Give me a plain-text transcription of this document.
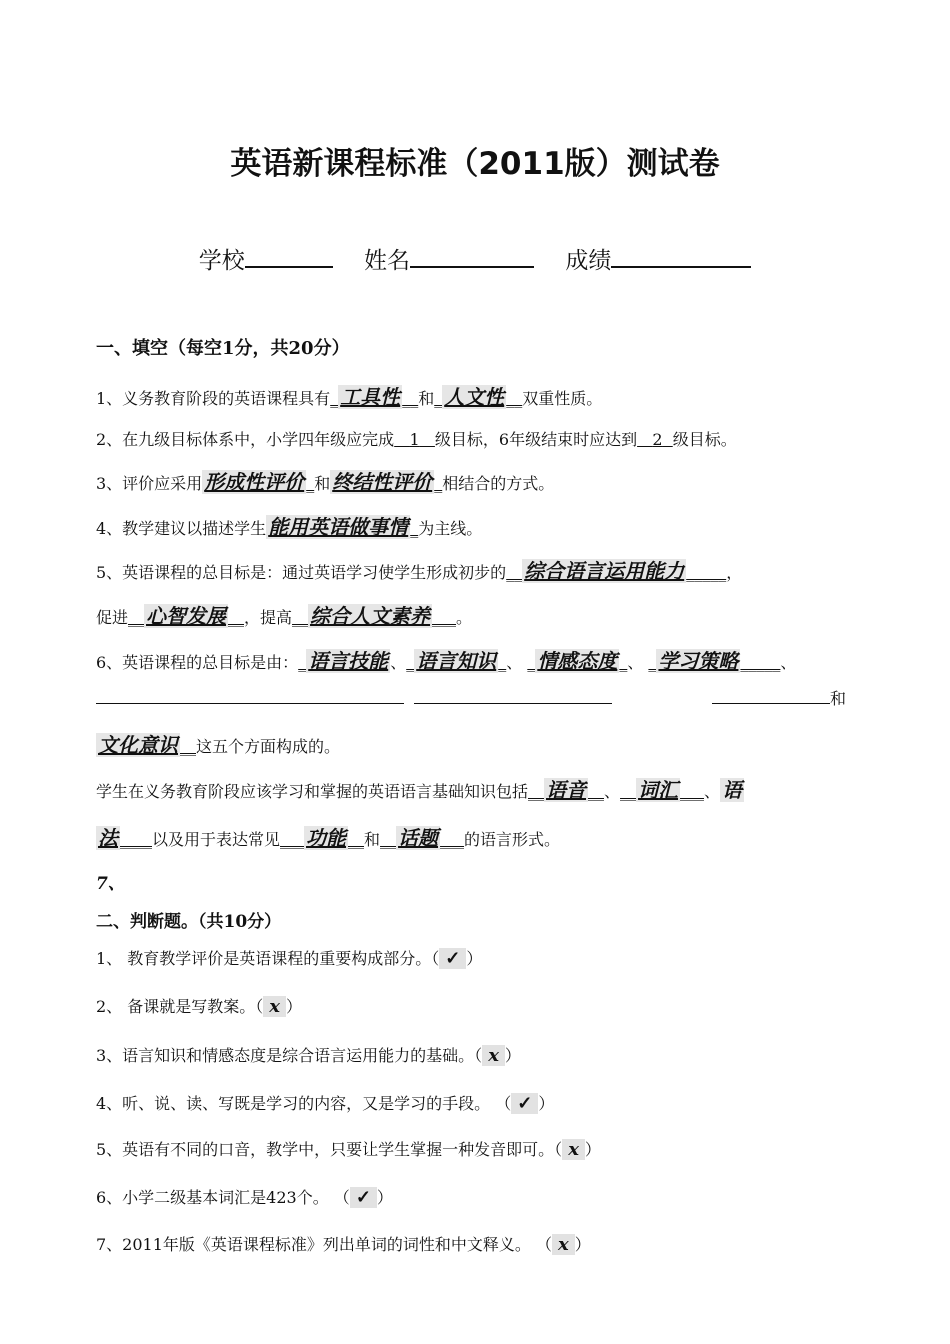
英语新课程标准（2011版）测试卷
学校	姓名	成绩
一、填空（每空1分，共20分）
1、义务教育阶段的英语课程具有_ 工具性 __和_ 人文性 __双重性质。
2、在九级目标体系中，小学四年级应完成 1 级目标，6年级结束时应达到 2 级目标。
3、评价应采用 形成性评价 _和 终结性评价 _相结合的方式。
4、教学建议以描述学生 能用英语做事情 _为主线。
5、英语课程的总目标是：通过英语学习使学生形成初步的__ 综合语言运用能力 _____，
促进__ 心智发展 __，提高__ 综合人文素养 ___。
6、英语课程的总目标是由：_ 语言技能 、_ 语言知识 _、 _ 情感态度 _、 _ 学习策略 _____、
和
文化意识 __这五个方面构成的。
学生在义务教育阶段应该学习和掌握的英语语言基础知识包括__ 语音 __、__ 词汇 ___、 语
法 ____以及用于表达常见___ 功能 __和__ 话题 ___的语言形式。
7、
二、判断题。（共10分）
1、 教育教学评价是英语课程的重要构成部分。（ ✓ ）
2、 备课就是写教案。（ x ）
3、语言知识和情感态度是综合语言运用能力的基础。（ x ）
4、听、说、读、写既是学习的内容，又是学习的手段。 （ ✓ ）
5、英语有不同的口音，教学中，只要让学生掌握一种发音即可。（ x ）
6、小学二级基本词汇是423个。 （ ✓ ）
7、2011年版《英语课程标准》列出单词的词性和中文释义。 （ x ）
